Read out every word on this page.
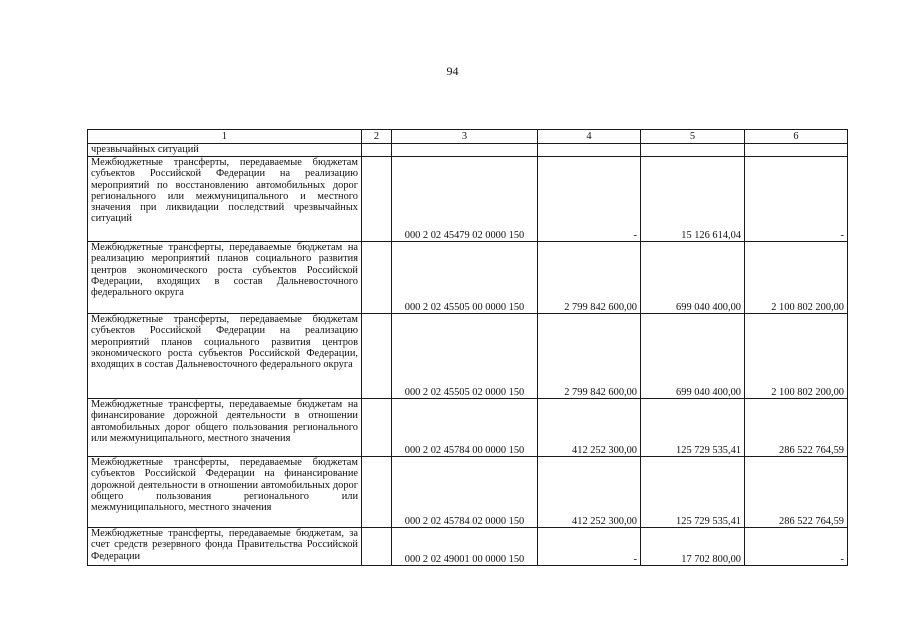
94
1	2	3	4	5	6
чрезвычайных ситуаций					
Межбюджетные трансферты, передаваемые бюджетам субъектов Российской Федерации на реализацию мероприятий по восстановлению автомобильных дорог регионального или межмуниципального и местного значения при ликвидации последствий чрезвычайных ситуаций		000 2 02 45479 02 0000 150	-	15 126 614,04	-
Межбюджетные трансферты, передаваемые бюджетам на реализацию мероприятий планов социального развития центров экономического роста субъектов Российской Федерации, входящих в состав Дальневосточного федерального округа		000 2 02 45505 00 0000 150	2 799 842 600,00	699 040 400,00	2 100 802 200,00
Межбюджетные трансферты, передаваемые бюджетам субъектов Российской Федерации на реализацию мероприятий планов социального развития центров экономического роста субъектов Российской Федерации, входящих в состав Дальневосточного федерального округа		000 2 02 45505 02 0000 150	2 799 842 600,00	699 040 400,00	2 100 802 200,00
Межбюджетные трансферты, передаваемые бюджетам на финансирование дорожной деятельности в отношении автомобильных дорог общего пользования регионального или межмуниципального, местного значения		000 2 02 45784 00 0000 150	412 252 300,00	125 729 535,41	286 522 764,59
Межбюджетные трансферты, передаваемые бюджетам субъектов Российской Федерации на финансирование дорожной деятельности в отношении автомобильных дорог общего пользования регионального или межмуниципального, местного значения		000 2 02 45784 02 0000 150	412 252 300,00	125 729 535,41	286 522 764,59
Межбюджетные трансферты, передаваемые бюджетам, за счет средств резервного фонда Правительства Российской Федерации		000 2 02 49001 00 0000 150	-	17 702 800,00	-
